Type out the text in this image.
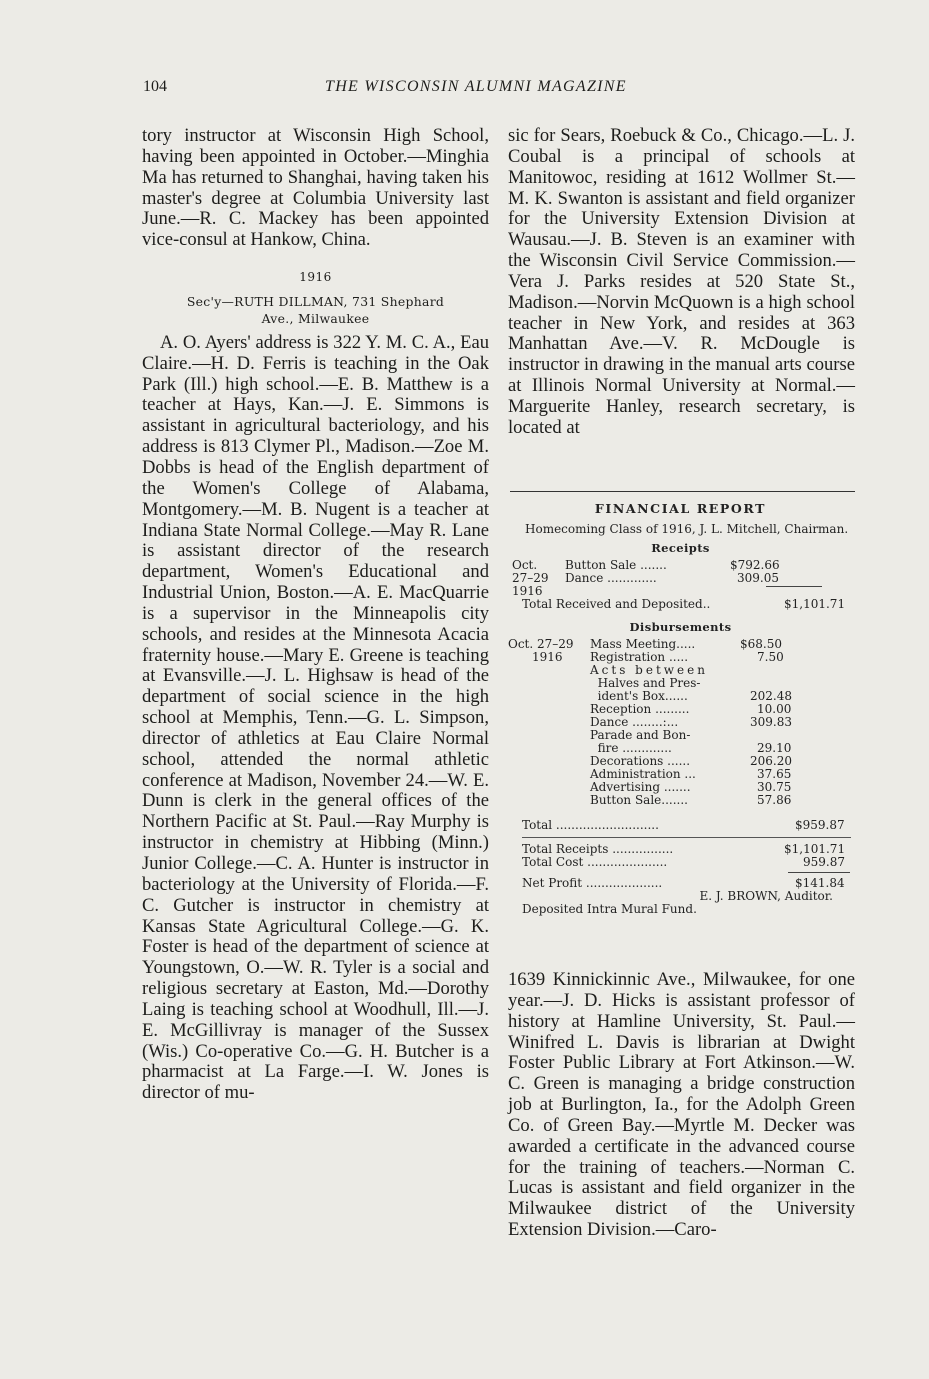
104	THE WISCONSIN ALUMNI MAGAZINE

tory instructor at Wisconsin High School, having been appointed in October.—Minghia Ma has returned to Shanghai, having taken his master's degree at Columbia University last June.—R. C. Mackey has been appointed vice-consul at Hankow, China.

1916
Sec'y—RUTH DILLMAN, 731 Shephard
Ave., Milwaukee

A. O. Ayers' address is 322 Y. M. C. A., Eau Claire.—H. D. Ferris is teaching in the Oak Park (Ill.) high school.—E. B. Matthew is a teacher at Hays, Kan.—J. E. Simmons is assistant in agricultural bacteriology, and his address is 813 Clymer Pl., Madison.—Zoe M. Dobbs is head of the English department of the Women's College of Alabama, Montgomery.—M. B. Nugent is a teacher at Indiana State Normal College.—May R. Lane is assistant director of the research department, Women's Educational and Industrial Union, Boston.—A. E. MacQuarrie is a supervisor in the Minneapolis city schools, and resides at the Minnesota Acacia fraternity house.—Mary E. Greene is teaching at Evansville.—J. L. Highsaw is head of the department of social science in the high school at Memphis, Tenn.—G. L. Simpson, director of athletics at Eau Claire Normal school, attended the normal athletic conference at Madison, November 24.—W. E. Dunn is clerk in the general offices of the Northern Pacific at St. Paul.—Ray Murphy is instructor in chemistry at Hibbing (Minn.) Junior College.—C. A. Hunter is instructor in bacteriology at the University of Florida.—F. C. Gutcher is instructor in chemistry at Kansas State Agricultural College.—G. K. Foster is head of the department of science at Youngstown, O.—W. R. Tyler is a social and religious secretary at Easton, Md.—Dorothy Laing is teaching school at Woodhull, Ill.—J. E. McGillivray is manager of the Sussex (Wis.) Co-operative Co.—G. H. Butcher is a pharmacist at La Farge.—I. W. Jones is director of mu-

sic for Sears, Roebuck & Co., Chicago.—L. J. Coubal is a principal of schools at Manitowoc, residing at 1612 Wollmer St.—M. K. Swanton is assistant and field organizer for the University Extension Division at Wausau.—J. B. Steven is an examiner with the Wisconsin Civil Service Commission.—Vera J. Parks resides at 520 State St., Madison.—Norvin McQuown is a high school teacher in New York, and resides at 363 Manhattan Ave.—V. R. McDougle is instructor in drawing in the manual arts course at Illinois Normal University at Normal.—Marguerite Hanley, research secretary, is located at

FINANCIAL REPORT
Homecoming Class of 1916, J. L. Mitchell, Chairman.
Receipts
Oct. Button Sale .......	$792.66
27–29 Dance .............	309.05
1916
Total Received and Deposited..	$1,101.71
Disbursements
Oct. 27–29 Mass Meeting.....	$68.50
1916 Registration .....	7.50
Acts between
Halves and Pres-
ident's Box......	202.48
Reception .........	10.00
Dance ........:...	309.83
Parade and Bon-
fire .............	29.10
Decorations ......	206.20
Administration ...	37.65
Advertising .......	30.75
Button Sale.......	57.86
Total ...........................	$959.87
Total Receipts ................	$1,101.71
Total Cost .....................	959.87
Net Profit ....................	$141.84
E. J. BROWN, Auditor.
Deposited Intra Mural Fund.

1639 Kinnickinnic Ave., Milwaukee, for one year.—J. D. Hicks is assistant professor of history at Hamline University, St. Paul.—Winifred L. Davis is librarian at Dwight Foster Public Library at Fort Atkinson.—W. C. Green is managing a bridge construction job at Burlington, Ia., for the Adolph Green Co. of Green Bay.—Myrtle M. Decker was awarded a certificate in the advanced course for the training of teachers.—Norman C. Lucas is assistant and field organizer in the Milwaukee district of the University Extension Division.—Caro-
